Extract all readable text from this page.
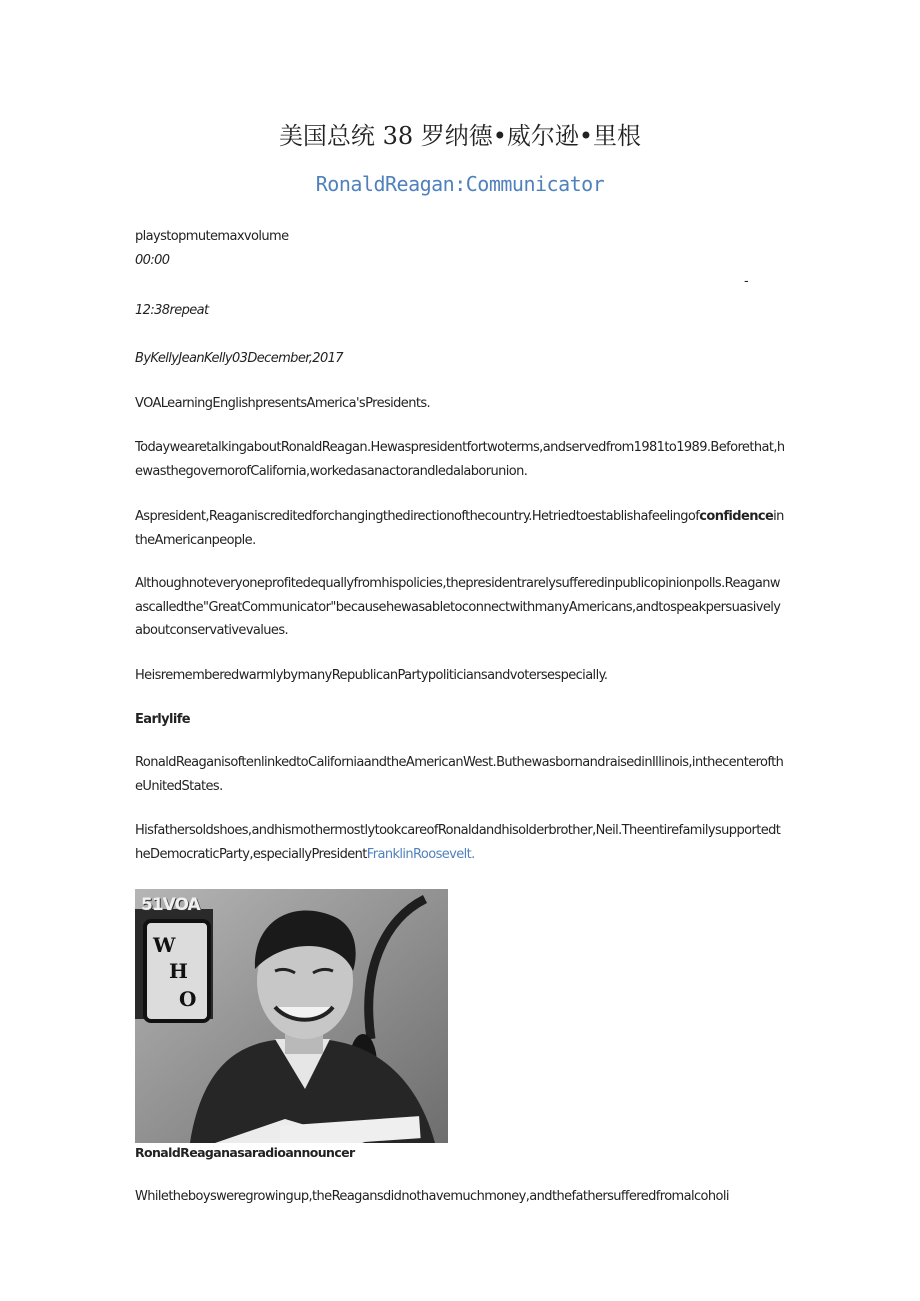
美国总统 38 罗纳德•威尔逊•里根
RonaldReagan:Communicator
playstopmutemaxvolume
00:00
-
12:38repeat
ByKellyJeanKelly03December,2017
VOALearningEnglishpresentsAmerica'sPresidents.
TodaywearetalkingaboutRonaldReagan.Hewaspresidentfortwoterms,andservedfrom1981to1989.Beforethat,hewasthegovernorofCalifornia,workedasanactorandledalaborunion.
Aspresident,Reaganiscreditedforchangingthedirectionofthecountry.HetriedtoestablishafeelingofconfidenceintheAmericanpeople.
Althoughnoteveryoneprofitedequallyfromhispolicies,thepresidentrarelysufferedinpublicopinionpolls.Reaganwascalledthe"GreatCommunicator"becausehewasabletoconnectwithmanyAmericans,andtospeakpersuasivelyaboutconservativevalues.
HeisrememberedwarmlybymanyRepublicanPartypoliticiansandvotersespecially.
Earlylife
RonaldReaganisoftenlinkedtoCaliforniaandtheAmericanWest.ButhewasbornandraisedinIllinois,inthecenteroftheUnitedStates.
Hisfathersoldshoes,andhismothermostlytookcareofRonaldandhisolderbrother,Neil.TheentirefamilysupportedtheDemocraticParty,especiallyPresidentFranklinRoosevelt.
51VOA
W
H
O
RonaldReaganasaradioannouncer
Whiletheboysweregrowingup,theReagansdidnothavemuchmoney,andthefathersufferedfromalcoholi
